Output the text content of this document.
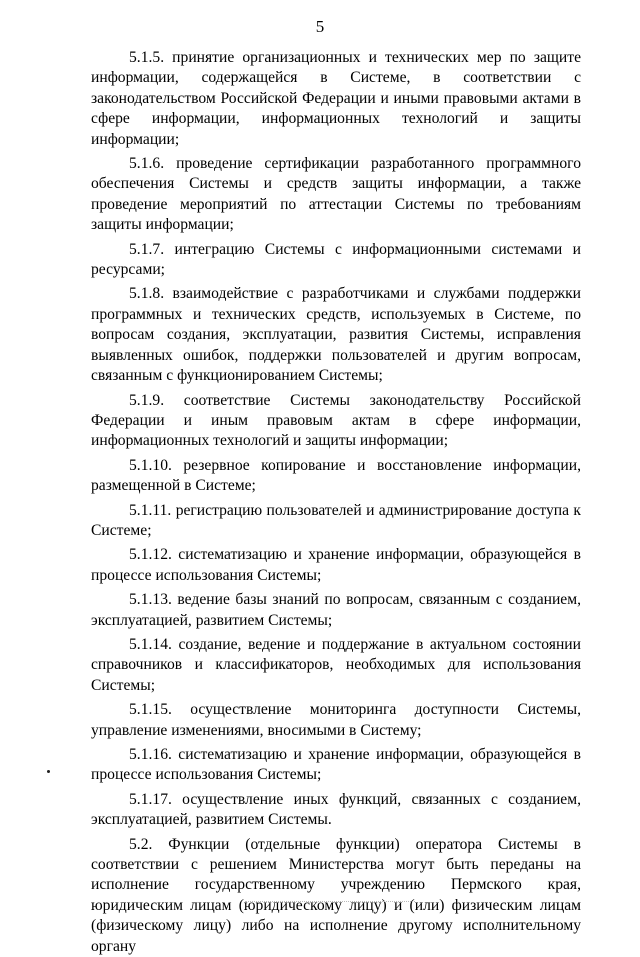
5

5.1.5. принятие организационных и технических мер по защите информации, содержащейся в Системе, в соответствии с законодательством Российской Федерации и иными правовыми актами в сфере информации, информационных технологий и защиты информации;

5.1.6. проведение сертификации разработанного программного обеспечения Системы и средств защиты информации, а также проведение мероприятий по аттестации Системы по требованиям защиты информации;

5.1.7. интеграцию Системы с информационными системами и ресурсами;

5.1.8. взаимодействие с разработчиками и службами поддержки программных и технических средств, используемых в Системе, по вопросам создания, эксплуатации, развития Системы, исправления выявленных ошибок, поддержки пользователей и другим вопросам, связанным с функционированием Системы;

5.1.9. соответствие Системы законодательству Российской Федерации и иным правовым актам в сфере информации, информационных технологий и защиты информации;

5.1.10. резервное копирование и восстановление информации, размещенной в Системе;

5.1.11. регистрацию пользователей и администрирование доступа к Системе;

5.1.12. систематизацию и хранение информации, образующейся в процессе использования Системы;

5.1.13. ведение базы знаний по вопросам, связанным с созданием, эксплуатацией, развитием Системы;

5.1.14. создание, ведение и поддержание в актуальном состоянии справочников и классификаторов, необходимых для использования Системы;

5.1.15. осуществление мониторинга доступности Системы, управление изменениями, вносимыми в Систему;

5.1.16. систематизацию и хранение информации, образующейся в процессе использования Системы;

5.1.17. осуществление иных функций, связанных с созданием, эксплуатацией, развитием Системы.

5.2. Функции (отдельные функции) оператора Системы в соответствии с решением Министерства могут быть переданы на исполнение государственному учреждению Пермского края, юридическим лицам (юридическому лицу) и (или) физическим лицам (физическому лицу) либо на исполнение другому исполнительному органу
